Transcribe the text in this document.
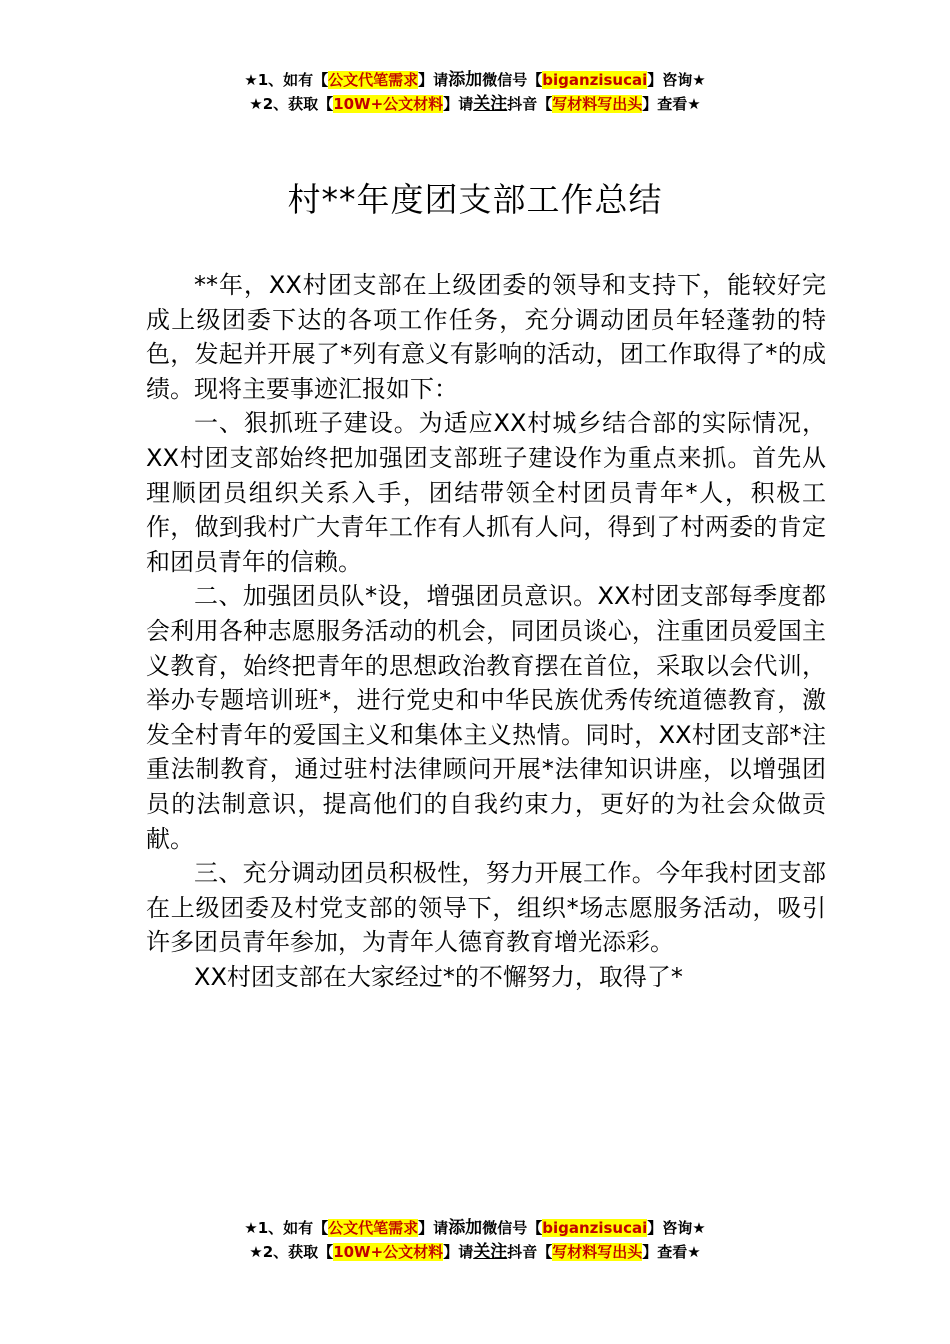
★1、如有【公文代笔需求】请添加微信号【biganzisucai】咨询★
★2、获取【10W+公文材料】请关注抖音【写材料写出头】查看★
村**年度团支部工作总结

**年，XX村团支部在上级团委的领导和支持下，能较好完成上级团委下达的各项工作任务，充分调动团员年轻蓬勃的特色，发起并开展了*列有意义有影响的活动，团工作取得了*的成绩。现将主要事迹汇报如下：

一、狠抓班子建设。为适应XX村城乡结合部的实际情况，XX村团支部始终把加强团支部班子建设作为重点来抓。首先从理顺团员组织关系入手，团结带领全村团员青年*人，积极工作，做到我村广大青年工作有人抓有人问，得到了村两委的肯定和团员青年的信赖。

二、加强团员队*设，增强团员意识。XX村团支部每季度都会利用各种志愿服务活动的机会，同团员谈心，注重团员爱国主义教育，始终把青年的思想政治教育摆在首位，采取以会代训，举办专题培训班*，进行党史和中华民族优秀传统道德教育，激发全村青年的爱国主义和集体主义热情。同时，XX村团支部*注重法制教育，通过驻村法律顾问开展*法律知识讲座，以增强团员的法制意识，提高他们的自我约束力，更好的为社会众做贡献。

三、充分调动团员积极性，努力开展工作。今年我村团支部在上级团委及村党支部的领导下，组织*场志愿服务活动，吸引许多团员青年参加，为青年人德育教育增光添彩。

XX村团支部在大家经过*的不懈努力，取得了*

★1、如有【公文代笔需求】请添加微信号【biganzisucai】咨询★
★2、获取【10W+公文材料】请关注抖音【写材料写出头】查看★
